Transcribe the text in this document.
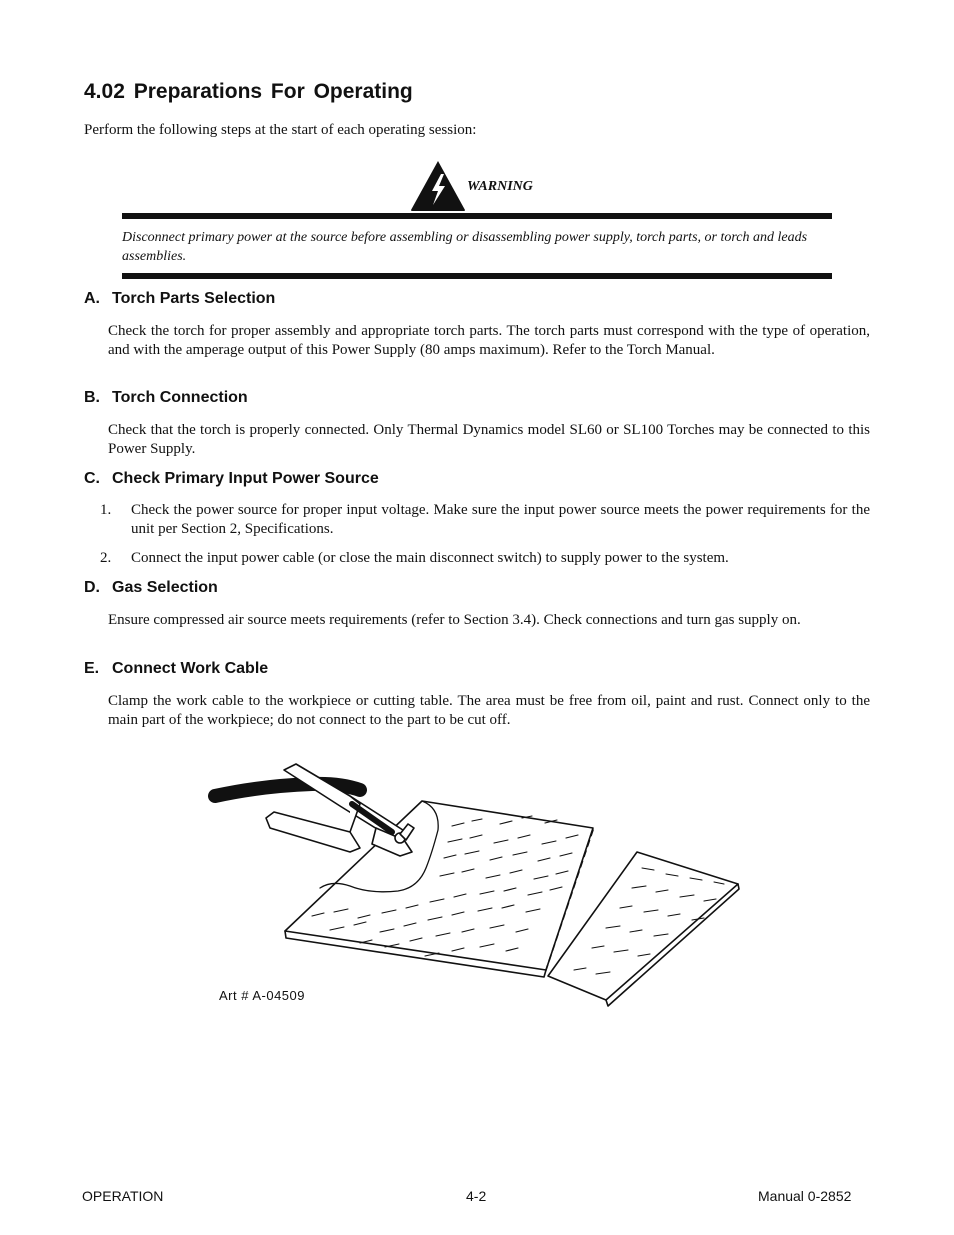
4.02 Preparations For Operating
Perform the following steps at the start of each operating session:
WARNING
Disconnect primary power at the source before assembling or disassembling power supply, torch parts, or torch and leads assemblies.
A. Torch Parts Selection
Check the torch for proper assembly and appropriate torch parts. The torch parts must correspond with the type of operation, and with the amperage output of this Power Supply (80 amps maximum). Refer to the Torch Manual.
B. Torch Connection
Check that the torch is properly connected. Only Thermal Dynamics model SL60 or SL100 Torches may be connected to this Power Supply.
C. Check Primary Input Power Source
1. Check the power source for proper input voltage. Make sure the input power source meets the power requirements for the unit per Section 2, Specifications.
2. Connect the input power cable (or close the main disconnect switch) to supply power to the system.
D. Gas Selection
Ensure compressed air source meets requirements (refer to Section 3.4). Check connections and turn gas supply on.
E. Connect Work Cable
Clamp the work cable to the workpiece or cutting table. The area must be free from oil, paint and rust. Connect only to the main part of the workpiece; do not connect to the part to be cut off.
Art # A-04509
OPERATION	4-2	Manual 0-2852
